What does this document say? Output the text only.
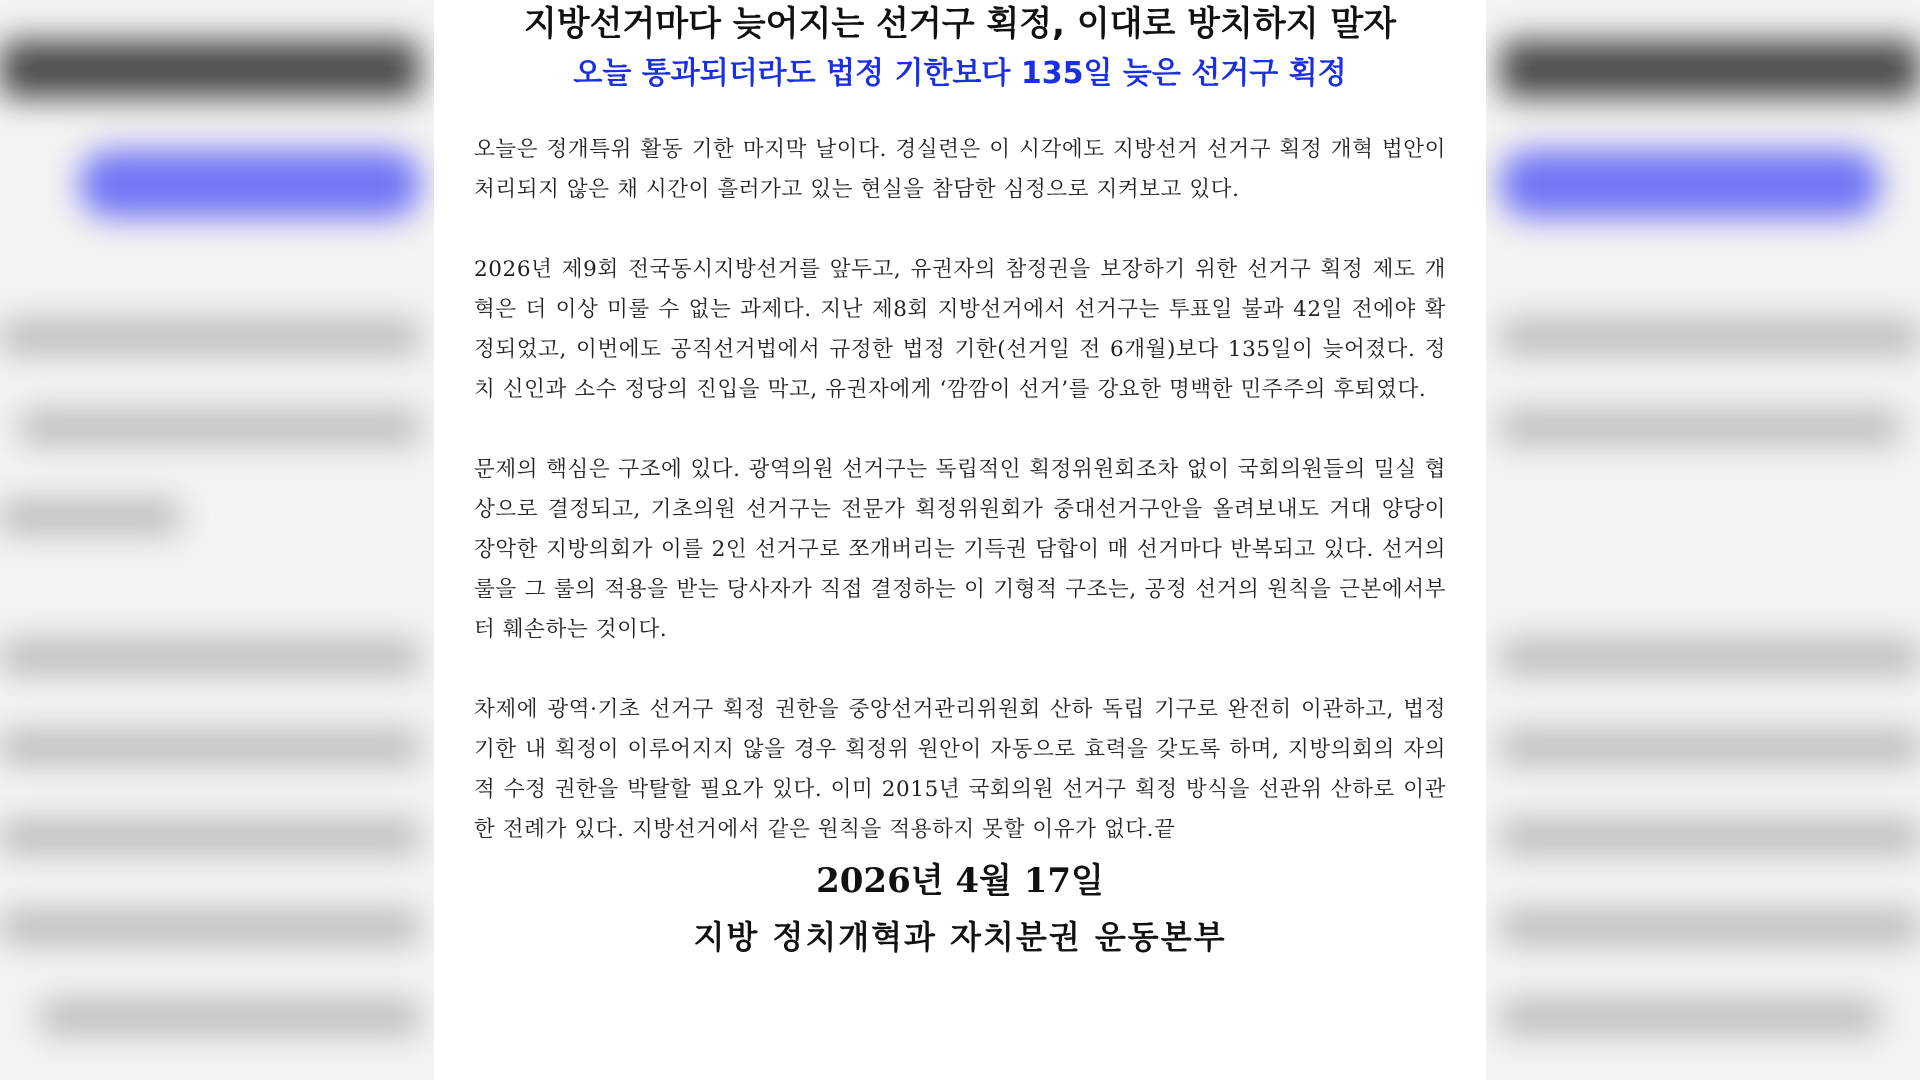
지방선거마다 늦어지는 선거구 획정, 이대로 방치하지 말자
오늘 통과되더라도 법정 기한보다 135일 늦은 선거구 획정

오늘은 정개특위 활동 기한 마지막 날이다. 경실련은 이 시각에도 지방선거 선거구 획정 개혁 법안이 처리되지 않은 채 시간이 흘러가고 있는 현실을 참담한 심정으로 지켜보고 있다.

2026년 제9회 전국동시지방선거를 앞두고, 유권자의 참정권을 보장하기 위한 선거구 획정 제도 개혁은 더 이상 미룰 수 없는 과제다. 지난 제8회 지방선거에서 선거구는 투표일 불과 42일 전에야 확정되었고, 이번에도 공직선거법에서 규정한 법정 기한(선거일 전 6개월)보다 135일이 늦어졌다. 정치 신인과 소수 정당의 진입을 막고, 유권자에게 ‘깜깜이 선거’를 강요한 명백한 민주주의 후퇴였다.

문제의 핵심은 구조에 있다. 광역의원 선거구는 독립적인 획정위원회조차 없이 국회의원들의 밀실 협상으로 결정되고, 기초의원 선거구는 전문가 획정위원회가 중대선거구안을 올려보내도 거대 양당이 장악한 지방의회가 이를 2인 선거구로 쪼개버리는 기득권 담합이 매 선거마다 반복되고 있다. 선거의 룰을 그 룰의 적용을 받는 당사자가 직접 결정하는 이 기형적 구조는, 공정 선거의 원칙을 근본에서부터 훼손하는 것이다.

차제에 광역·기초 선거구 획정 권한을 중앙선거관리위원회 산하 독립 기구로 완전히 이관하고, 법정 기한 내 획정이 이루어지지 않을 경우 획정위 원안이 자동으로 효력을 갖도록 하며, 지방의회의 자의적 수정 권한을 박탈할 필요가 있다. 이미 2015년 국회의원 선거구 획정 방식을 선관위 산하로 이관한 전례가 있다. 지방선거에서 같은 원칙을 적용하지 못할 이유가 없다.끝

2026년 4월 17일
지방 정치개혁과 자치분권 운동본부
